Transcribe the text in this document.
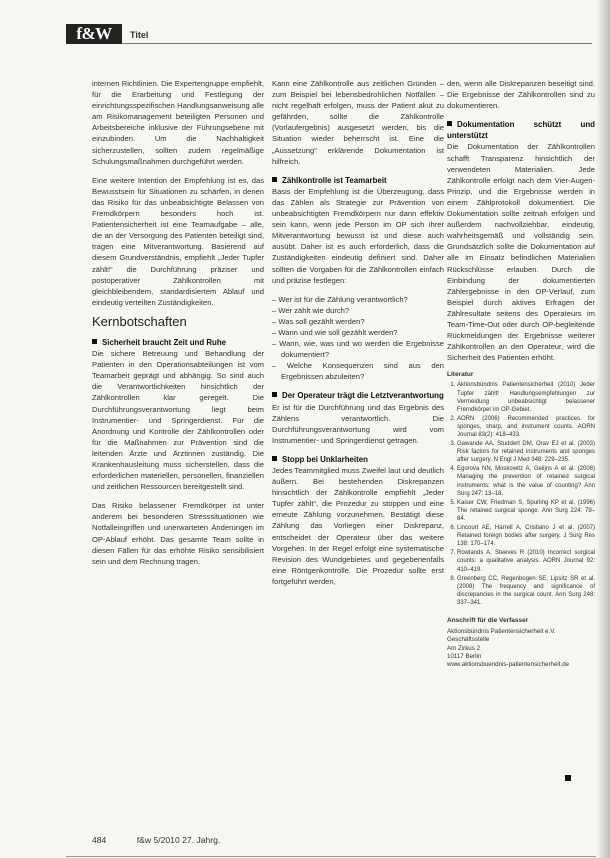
f&W	Titel

internen Richtlinien. Die Expertengruppe empfiehlt, für die Erarbeitung und Festlegung der einrichtungsspezifischen Handlungsanweisung alle am Risikomanagement beteiligten Personen und Arbeitsbereiche inklusive der Führungsebene mit einzubinden. Um die Nachhaltigkeit sicherzustellen, sollten zudem regelmäßige Schulungsmaßnahmen durchgeführt werden.

Eine weitere Intention der Empfehlung ist es, das Bewusstsein für Situationen zu schärfen, in denen das Risiko für das unbeabsichtigte Belassen von Fremdkörpern besonders hoch ist. Patientensicherheit ist eine Teamaufgabe – alle, die an der Versorgung des Patienten beteiligt sind, tragen eine Mitverantwortung. Basierend auf diesem Grundverständnis, empfiehlt „Jeder Tupfer zählt!“ die Durchführung präziser und postoperativer Zählkontrollen mit gleichbleibendem, standardisiertem Ablauf und eindeutig verteilten Zuständigkeiten.

Kernbotschaften
Sicherheit braucht Zeit und Ruhe

Die sichere Betreuung und Behandlung der Patienten in den Operationsabteilungen ist vom Teamarbeit geprägt und abhängig. So sind auch die Verantwortlichkeiten hinsichtlich der Zählkontrollen klar geregelt. Die Durchführungsverantwortung liegt beim Instrumentier- und Springerdienst. Für die Anordnung und Kontrolle der Zählkontrollen oder für die Maßnahmen zur Prävention sind die leitenden Ärzte und Ärztinnen zuständig. Die Krankenhausleitung muss sicherstellen, dass die erforderlichen materiellen, personellen, finanziellen und zeitlichen Ressourcen bereitgestellt sind.

Das Risiko belassener Fremdkörper ist unter anderem bei besonderen Stresssituationen wie Notfalleingriffen und unerwarteten Änderungen im OP-Ablauf erhöht. Das gesamte Team sollte in diesen Fällen für das erhöhte Risiko sensibilisiert sein und dem Rechnung tragen.

Kann eine Zählkontrolle aus zeitlichen Gründen – zum Beispiel bei lebensbedrohlichen Notfällen – nicht regelhaft erfolgen, muss der Patient akut zu gefährden, sollte die Zählkontrolle (Vorlaufergebnis) ausgesetzt werden, bis die Situation wieder beherrscht ist. Eine die „Aussetzung“ erklärende Dokumentation ist hilfreich.

Zählkontrolle ist Teamarbeit

Basis der Empfehlung ist die Überzeugung, dass das Zählen als Strategie zur Prävention von unbeabsichtigten Fremdkörpern nur dann effektiv sein kann, wenn jede Person im OP sich ihrer Mitverantwortung bewusst ist und diese auch ausübt. Daher ist es auch erforderlich, dass die Zuständigkeiten eindeutig definiert sind. Daher sollten die Vorgaben für die Zählkontrollen einfach und präzise festlegen:

– Wer ist für die Zählung verantwortlich?
– Wer zählt wie durch?
– Was soll gezählt werden?
– Wann und wie soll gezählt werden?
– Wann, wie, was und wo werden die Ergebnisse dokumentiert?
– Welche Konsequenzen sind aus den Ergebnissen abzuleiten?
Der Operateur trägt die Letztverantwortung

Er ist für die Durchführung und das Ergebnis des Zählens verantwortlich. Die Durchführungsverantwortung wird vom Instrumentier- und Springerdienst getragen.

Stopp bei Unklarheiten

Jedes Teammitglied muss Zweifel laut und deutlich äußern. Bei bestehenden Diskrepanzen hinsichtlich der Zählkontrolle empfiehlt „Jeder Tupfer zählt“, die Prozedur zu stoppen und eine erneute Zählung vorzunehmen. Bestätigt diese Zählung das Vorliegen einer Diskrepanz, entscheidet der Operateur über das weitere Vorgehen. In der Regel erfolgt eine systematische Revision des Wundgebietes und gegebenenfalls eine Röntgenkontrolle. Die Prozedur sollte erst fortgeführt werden,

den, wenn alle Diskrepanzen beseitigt sind. Die Ergebnisse der Zählkontrollen sind zu dokumentieren.

Dokumentation schützt und unterstützt

Die Dokumentation der Zählkontrollen schafft Transparenz hinsichtlich der verwendeten Materialien. Jede Zählkontrolle erfolgt nach dem Vier-Augen-Prinzip, und die Ergebnisse werden in einem Zählprotokoll dokumentiert. Die Dokumentation sollte zeitnah erfolgen und außerdem nachvollziehbar, eindeutig, wahrheitsgemäß und vollständig sein. Grundsätzlich sollte die Dokumentation auf alle im Einsatz befindlichen Materialien Rückschlüsse erlauben. Durch die Einbindung der dokumentierten Zählergebnisse in den OP-Verlauf, zum Beispiel durch aktives Erfragen der Zählresultate seitens des Operateurs im Team-Time-Out oder durch OP-begleitende Rückmeldungen der Ergebnisse weiterer Zählkontrollen an den Operateur, wird die Sicherheit des Patienten erhöht.

Literatur
1. Aktionsbündnis Patientensicherheit (2010) Jeder Tupfer zählt! Handlungsempfehlungen zur Vermeidung unbeabsichtigt belassener Fremdkörper im OP-Gebiet.
2. AORN (2006) Recommended practices for sponges, sharp, and instrument counts. AORN Journal 83(2): 418–433.
3. Gawande AA, Studdert DM, Orav EJ et al. (2003) Risk factors for retained instruments and sponges after surgery. N Engl J Med 348: 229–235.
4. Egorova NN, Moskowitz A, Gelijns A et al. (2008) Managing the prevention of retained surgical instruments: what is the value of counting? Ann Surg 247: 13–18.
5. Kaiser CW, Friedman S, Spurling KP et al. (1996) The retained surgical sponge. Ann Surg 224: 79–84.
6. Lincourt AE, Harrell A, Cristiano J et al. (2007) Retained foreign bodies after surgery. J Surg Res 138: 170–174.
7. Rowlands A, Steeves R (2010) Incorrect surgical counts: a qualitative analysis. AORN Journal 92: 410–419.
8. Greenberg CC, Regenbogen SE, Lipsitz SR et al. (2008) The frequency and significance of discrepancies in the surgical count. Ann Surg 248: 337–341.
Anschrift für die Verfasser
Aktionsbündnis Patientensicherheit e.V.
Geschäftsstelle
Am Zirkus 2
10117 Berlin
www.aktionsbuendnis-patientensicherheit.de
484	f&w 5/2010 27. Jahrg.
